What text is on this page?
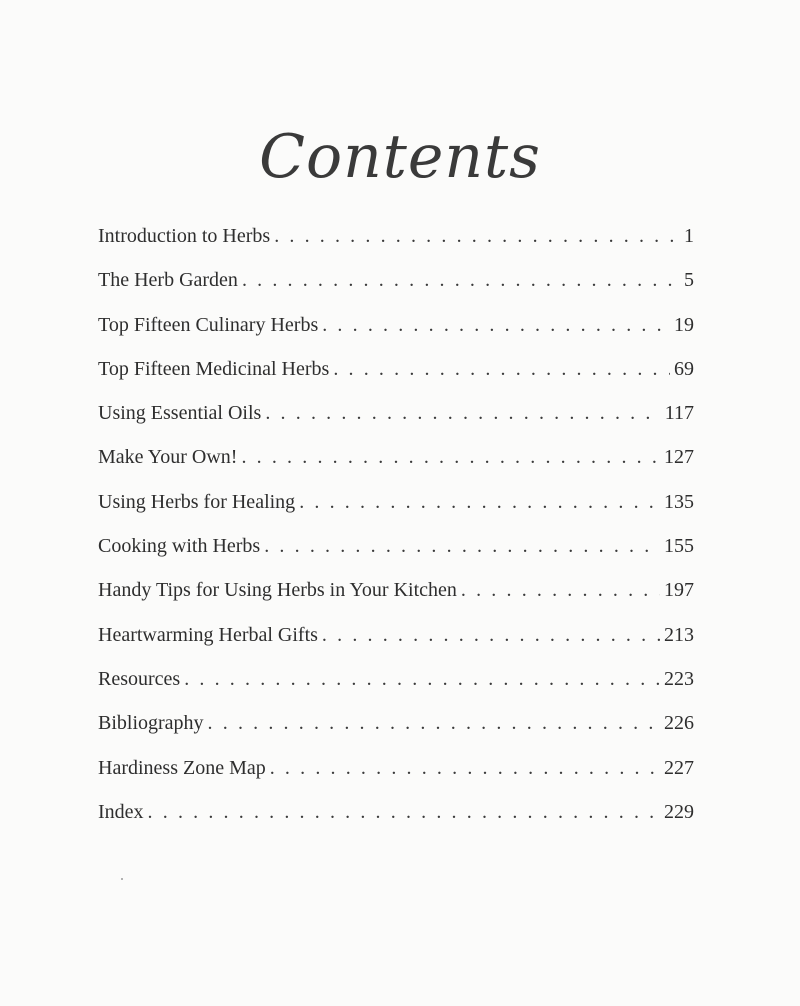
Contents
Introduction to Herbs . . .	1
The Herb Garden . . .	5
Top Fifteen Culinary Herbs . . .	19
Top Fifteen Medicinal Herbs . . .	69
Using Essential Oils . . .	117
Make Your Own! . . .	127
Using Herbs for Healing . . .	135
Cooking with Herbs . . .	155
Handy Tips for Using Herbs in Your Kitchen . . .	197
Heartwarming Herbal Gifts . . .	213
Resources . . .	223
Bibliography . . .	226
Hardiness Zone Map . . .	227
Index . . .	229
